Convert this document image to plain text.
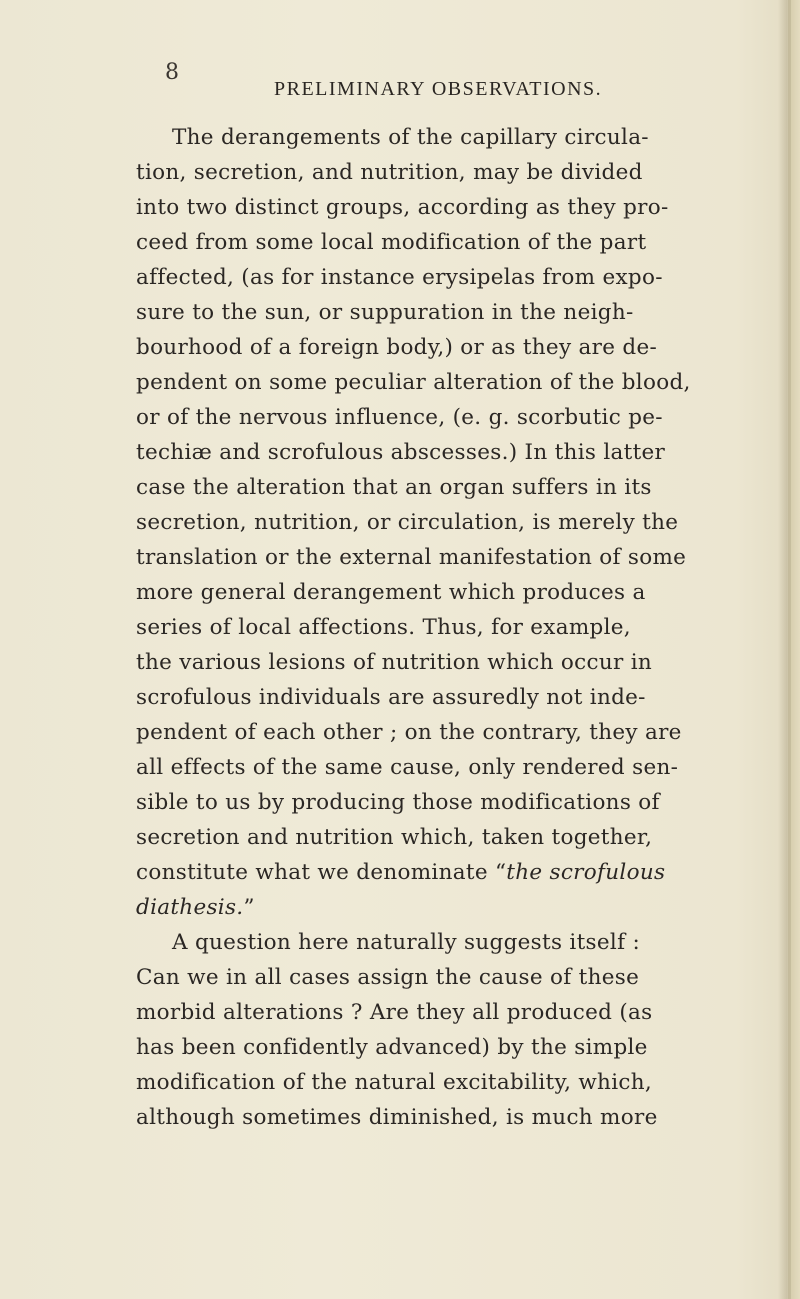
8
PRELIMINARY OBSERVATIONS.
The derangements of the capillary circula-
tion, secretion, and nutrition, may be divided
into two distinct groups, according as they pro-
ceed from some local modification of the part
affected, (as for instance erysipelas from expo-
sure to the sun, or suppuration in the neigh-
bourhood of a foreign body,) or as they are de-
pendent on some peculiar alteration of the blood,
or of the nervous influence, (e. g. scorbutic pe-
techiæ and scrofulous abscesses.) In this latter
case the alteration that an organ suffers in its
secretion, nutrition, or circulation, is merely the
translation or the external manifestation of some
more general derangement which produces a
series of local affections. Thus, for example,
the various lesions of nutrition which occur in
scrofulous individuals are assuredly not inde-
pendent of each other ; on the contrary, they are
all effects of the same cause, only rendered sen-
sible to us by producing those modifications of
secretion and nutrition which, taken together,
constitute what we denominate “the scrofulous
diathesis.”
A question here naturally suggests itself :
Can we in all cases assign the cause of these
morbid alterations ? Are they all produced (as
has been confidently advanced) by the simple
modification of the natural excitability, which,
although sometimes diminished, is much more
